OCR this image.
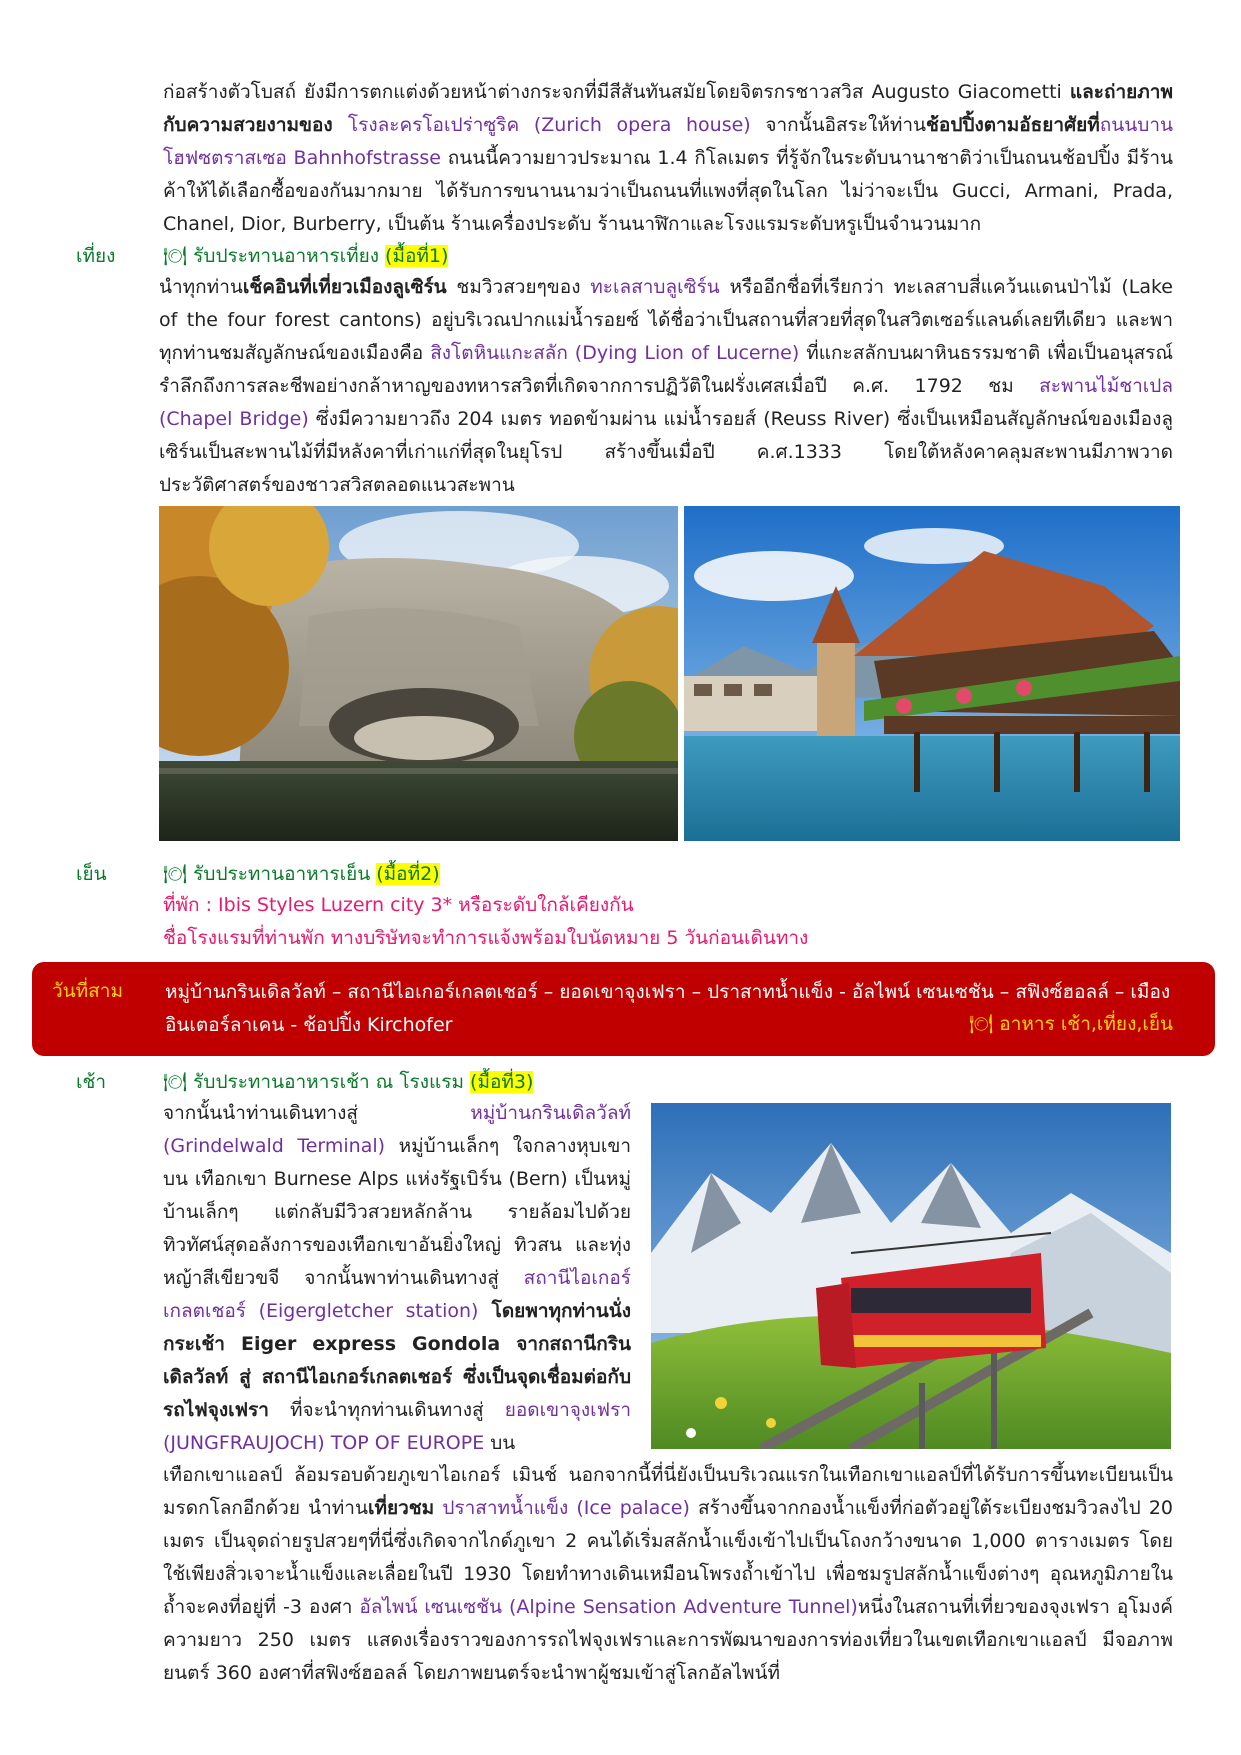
ก่อสร้างตัวโบสถ์ ยังมีการตกแต่งด้วยหน้าต่างกระจกที่มีสีสันทันสมัยโดยจิตรกรชาวสวิส Augusto Giacometti และถ่ายภาพกับความสวยงามของ โรงละครโอเปร่าซูริค (Zurich opera house) จากนั้นอิสระให้ท่านช้อปปิ้งตามอัธยาศัยที่ถนนบานโฮฟซตราสเซอ Bahnhofstrasse ถนนนี้ความยาวประมาณ 1.4 กิโลเมตร ที่รู้จักในระดับนานาชาติว่าเป็นถนนช้อปปิ้ง มีร้านค้าให้ได้เลือกซื้อของกันมากมาย ได้รับการขนานนามว่าเป็นถนนที่แพงที่สุดในโลก ไม่ว่าจะเป็น Gucci, Armani, Prada, Chanel, Dior, Burberry, เป็นต้น ร้านเครื่องประดับ ร้านนาฬิกาและโรงแรมระดับหรูเป็นจำนวนมาก
เที่ยง	🍽 รับประทานอาหารเที่ยง (มื้อที่1)
นำทุกท่านเช็คอินที่เที่ยวเมืองลูเซิร์น ชมวิวสวยๆของ ทะเลสาบลูเซิร์น หรืออีกชื่อที่เรียกว่า ทะเลสาบสี่แคว้นแดนป่าไม้ (Lake of the four forest cantons) อยู่บริเวณปากแม่น้ำรอยซ์ ได้ชื่อว่าเป็นสถานที่สวยที่สุดในสวิตเซอร์แลนด์เลยทีเดียว และพาทุกท่านชมสัญลักษณ์ของเมืองคือ สิงโตหินแกะสลัก (Dying Lion of Lucerne) ที่แกะสลักบนผาหินธรรมชาติ เพื่อเป็นอนุสรณ์รำลึกถึงการสละชีพอย่างกล้าหาญของทหารสวิตที่เกิดจากการปฏิวัติในฝรั่งเศสเมื่อปี ค.ศ. 1792 ชม สะพานไม้ชาเปล (Chapel Bridge) ซึ่งมีความยาวถึง 204 เมตร ทอดข้ามผ่าน แม่น้ำรอยส์ (Reuss River) ซึ่งเป็นเหมือนสัญลักษณ์ของเมืองลูเซิร์นเป็นสะพานไม้ที่มีหลังคาที่เก่าแก่ที่สุดในยุโรป สร้างขึ้นเมื่อปี ค.ศ.1333 โดยใต้หลังคาคลุมสะพานมีภาพวาดประวัติศาสตร์ของชาวสวิสตลอดแนวสะพาน
เย็น	🍽 รับประทานอาหารเย็น (มื้อที่2)
ที่พัก : Ibis Styles Luzern city 3* หรือระดับใกล้เคียงกัน
ชื่อโรงแรมที่ท่านพัก ทางบริษัทจะทำการแจ้งพร้อมใบนัดหมาย 5 วันก่อนเดินทาง
วันที่สาม หมู่บ้านกรินเดิลวัลท์ – สถานีไอเกอร์เกลตเชอร์ – ยอดเขาจุงเฟรา – ปราสาทน้ำแข็ง - อัลไพน์ เซนเซชัน – สฟิงซ์ฮอลล์ – เมืองอินเตอร์ลาเคน - ช้อปปิ้ง Kirchofer	🍽 อาหาร เช้า,เที่ยง,เย็น
เช้า	🍽 รับประทานอาหารเช้า ณ โรงแรม (มื้อที่3)
จากนั้นนำท่านเดินทางสู่ หมู่บ้านกรินเดิลวัลท์ (Grindelwald Terminal) หมู่บ้านเล็กๆ ใจกลางหุบเขา บน เทือกเขา Burnese Alps แห่งรัฐเบิร์น (Bern) เป็นหมู่บ้านเล็กๆ แต่กลับมีวิวสวยหลักล้าน รายล้อมไปด้วยทิวทัศน์สุดอลังการของเทือกเขาอันยิ่งใหญ่ ทิวสน และทุ่งหญ้าสีเขียวขจี จากนั้นพาท่านเดินทางสู่ สถานีไอเกอร์เกลตเชอร์ (Eigergletcher station) โดยพาทุกท่านนั่งกระเช้า Eiger express Gondola จากสถานีกรินเดิลวัลท์ สู่ สถานีไอเกอร์เกลตเชอร์ ซึ่งเป็นจุดเชื่อมต่อกับ รถไฟจุงเฟรา ที่จะนำทุกท่านเดินทางสู่ ยอดเขาจุงเฟรา (JUNGFRAUJOCH) TOP OF EUROPE บน
เทือกเขาแอลป์ ล้อมรอบด้วยภูเขาไอเกอร์ เมินช์ นอกจากนี้ที่นี่ยังเป็นบริเวณแรกในเทือกเขาแอลป์ที่ได้รับการขึ้นทะเบียนเป็นมรดกโลกอีกด้วย นำท่านเที่ยวชม ปราสาทน้ำแข็ง (Ice palace) สร้างขึ้นจากกองน้ำแข็งที่ก่อตัวอยู่ใต้ระเบียงชมวิวลงไป 20 เมตร เป็นจุดถ่ายรูปสวยๆที่นี่ซึ่งเกิดจากไกด์ภูเขา 2 คนได้เริ่มสลักน้ำแข็งเข้าไปเป็นโถงกว้างขนาด 1,000 ตารางเมตร โดยใช้เพียงสิ่วเจาะน้ำแข็งและเลื่อยในปี 1930 โดยทำทางเดินเหมือนโพรงถ้ำเข้าไป เพื่อชมรูปสลักน้ำแข็งต่างๆ อุณหภูมิภายในถ้ำจะคงที่อยู่ที่ -3 องศา อัลไพน์ เซนเซชัน (Alpine Sensation Adventure Tunnel)หนึ่งในสถานที่เที่ยวของจุงเฟรา อุโมงค์ความยาว 250 เมตร แสดงเรื่องราวของการรถไฟจุงเฟราและการพัฒนาของการท่องเที่ยวในเขตเทือกเขาแอลป์ มีจอภาพยนตร์ 360 องศาที่สฟิงซ์ฮอลล์ โดยภาพยนตร์จะนำพาผู้ชมเข้าสู่โลกอัลไพน์ที่
